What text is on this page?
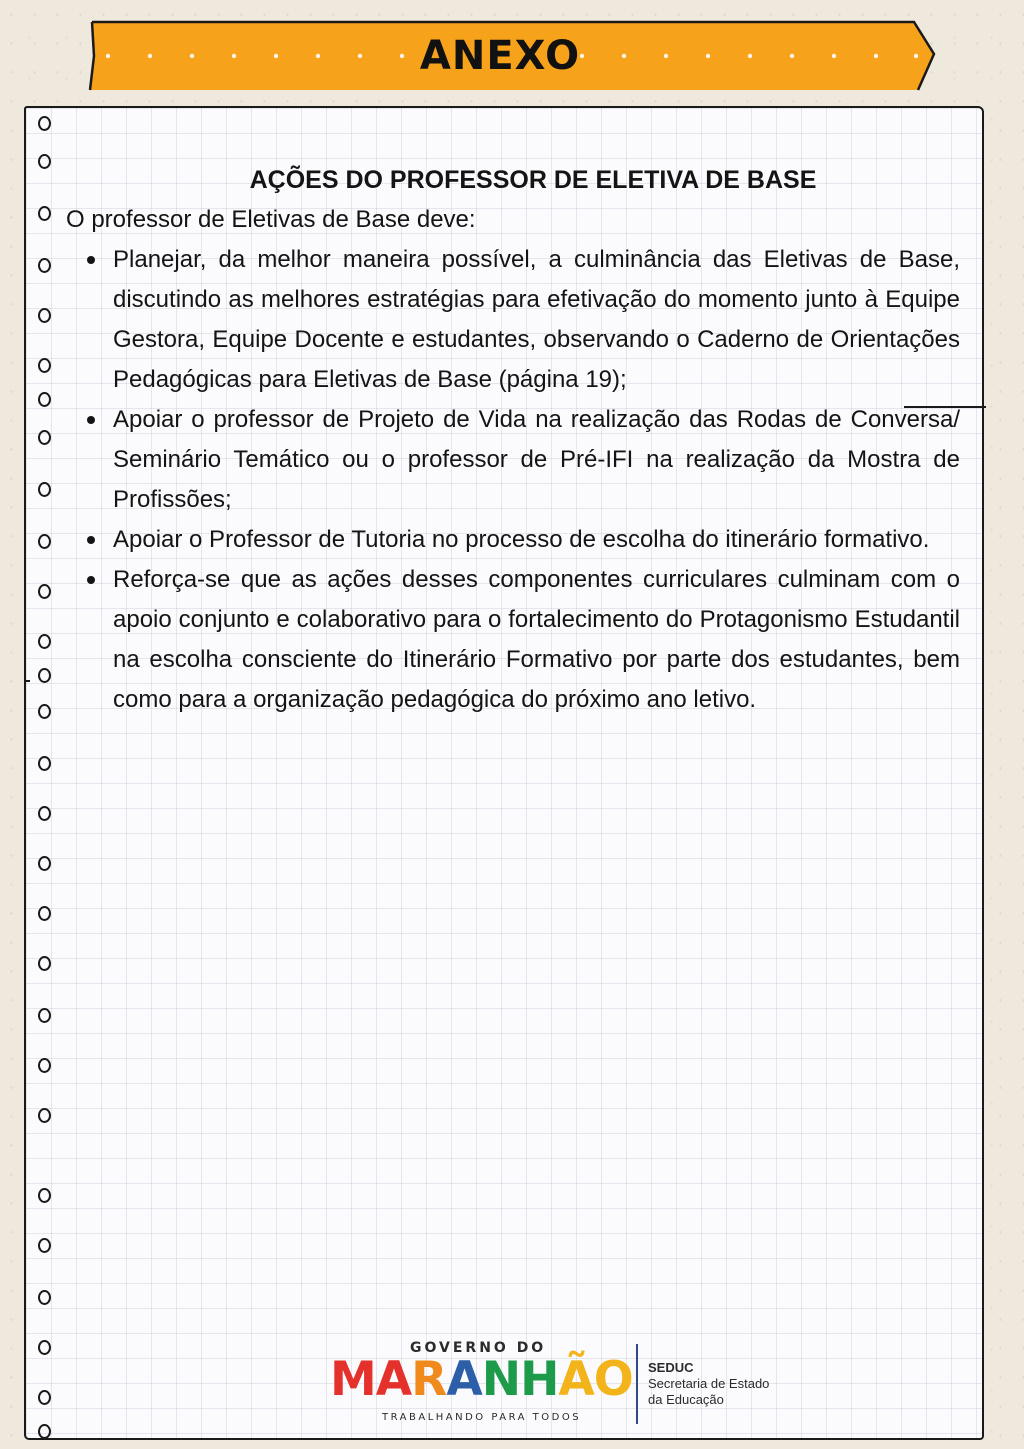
ANEXO
AÇÕES DO PROFESSOR DE ELETIVA DE BASE

O professor de Eletivas de Base deve:

Planejar, da melhor maneira possível, a culminância das Eletivas de Base, discutindo as melhores estratégias para efetivação do momento junto à Equipe Gestora, Equipe Docente e estudantes, observando o Caderno de Orientações Pedagógicas para Eletivas de Base (página 19);
Apoiar o professor de Projeto de Vida na realização das Rodas de Conversa/ Seminário Temático ou o professor de Pré-IFI na realização da Mostra de Profissões;
Apoiar o Professor de Tutoria no processo de escolha do itinerário formativo.
Reforça-se que as ações desses componentes curriculares culminam com o apoio conjunto e colaborativo para o fortalecimento do Protagonismo Estudantil na escolha consciente do Itinerário Formativo por parte dos estudantes, bem como para a organização pedagógica do próximo ano letivo.
GOVERNO DO
MARANHÃO
TRABALHANDO PARA TODOS
SEDUC
Secretaria de Estado
da Educação
